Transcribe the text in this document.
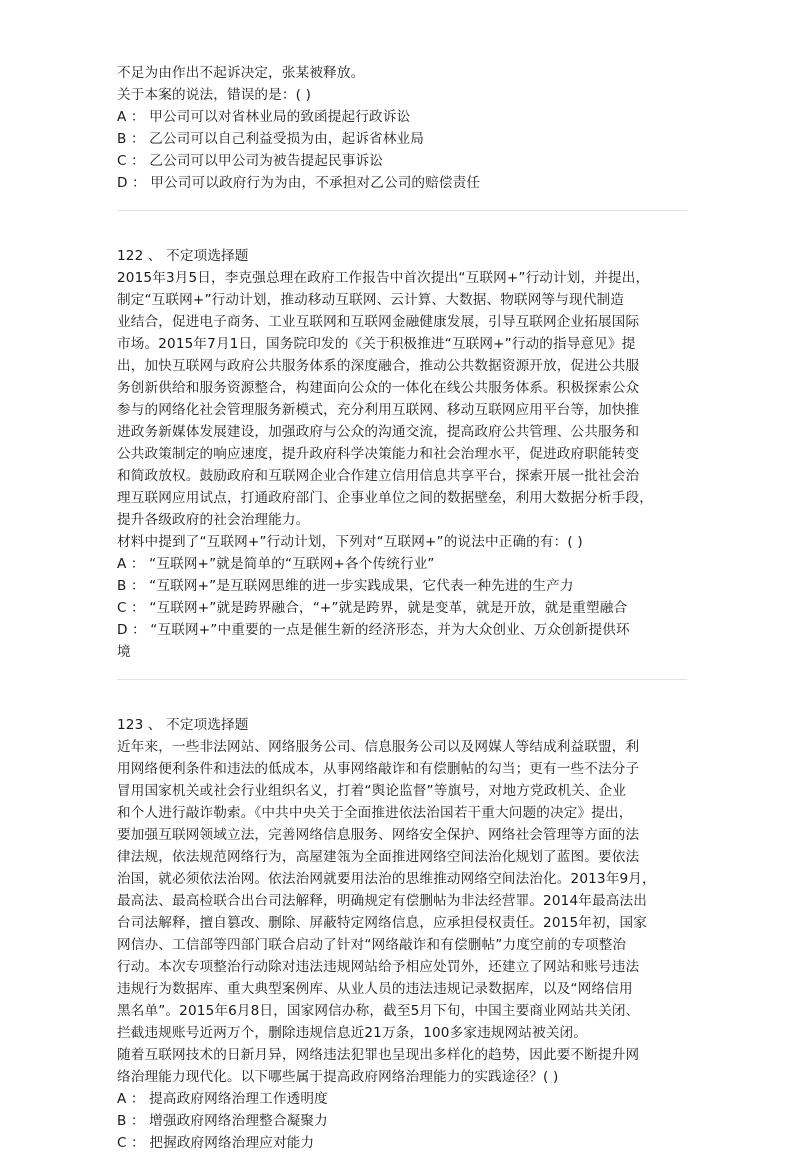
不足为由作出不起诉决定，张某被释放。
关于本案的说法，错误的是：( )
A ： 甲公司可以对省林业局的致函提起行政诉讼
B ： 乙公司可以自己利益受损为由，起诉省林业局
C ： 乙公司可以甲公司为被告提起民事诉讼
D ： 甲公司可以政府行为为由，不承担对乙公司的赔偿责任
122 、 不定项选择题
2015年3月5日，李克强总理在政府工作报告中首次提出“互联网+”行动计划，并提出，
制定“互联网+”行动计划，推动移动互联网、云计算、大数据、物联网等与现代制造
业结合，促进电子商务、工业互联网和互联网金融健康发展，引导互联网企业拓展国际
市场。2015年7月1日，国务院印发的《关于积极推进“互联网+”行动的指导意见》提
出，加快互联网与政府公共服务体系的深度融合，推动公共数据资源开放，促进公共服
务创新供给和服务资源整合，构建面向公众的一体化在线公共服务体系。积极探索公众
参与的网络化社会管理服务新模式，充分利用互联网、移动互联网应用平台等，加快推
进政务新媒体发展建设，加强政府与公众的沟通交流，提高政府公共管理、公共服务和
公共政策制定的响应速度，提升政府科学决策能力和社会治理水平，促进政府职能转变
和简政放权。鼓励政府和互联网企业合作建立信用信息共享平台，探索开展一批社会治
理互联网应用试点，打通政府部门、企事业单位之间的数据壁垒，利用大数据分析手段，
提升各级政府的社会治理能力。
材料中提到了“互联网+”行动计划，下列对“互联网+”的说法中正确的有：( )
A ： “互联网+”就是简单的“互联网+各个传统行业”
B ： “互联网+”是互联网思维的进一步实践成果，它代表一种先进的生产力
C ： “互联网+”就是跨界融合，“+”就是跨界，就是变革，就是开放，就是重塑融合
D ： “互联网+”中重要的一点是催生新的经济形态，并为大众创业、万众创新提供环
境
123 、 不定项选择题
近年来，一些非法网站、网络服务公司、信息服务公司以及网媒人等结成利益联盟，利
用网络便利条件和违法的低成本，从事网络敲诈和有偿删帖的勾当；更有一些不法分子
冒用国家机关或社会行业组织名义，打着“舆论监督”等旗号，对地方党政机关、企业
和个人进行敲诈勒索。《中共中央关于全面推进依法治国若干重大问题的决定》提出，
要加强互联网领域立法，完善网络信息服务、网络安全保护、网络社会管理等方面的法
律法规，依法规范网络行为，高屋建瓴为全面推进网络空间法治化规划了蓝图。要依法
治国，就必须依法治网。依法治网就要用法治的思维推动网络空间法治化。2013年9月，
最高法、最高检联合出台司法解释，明确规定有偿删帖为非法经营罪。2014年最高法出
台司法解释，擅自篡改、删除、屏蔽特定网络信息，应承担侵权责任。2015年初，国家
网信办、工信部等四部门联合启动了针对“网络敲诈和有偿删帖”力度空前的专项整治
行动。本次专项整治行动除对违法违规网站给予相应处罚外，还建立了网站和账号违法
违规行为数据库、重大典型案例库、从业人员的违法违规记录数据库，以及“网络信用
黑名单”。2015年6月8日，国家网信办称，截至5月下旬，中国主要商业网站共关闭、
拦截违规账号近两万个，删除违规信息近21万条，100多家违规网站被关闭。
随着互联网技术的日新月异，网络违法犯罪也呈现出多样化的趋势，因此要不断提升网
络治理能力现代化。以下哪些属于提高政府网络治理能力的实践途径？( )
A ： 提高政府网络治理工作透明度
B ： 增强政府网络治理整合凝聚力
C ： 把握政府网络治理应对能力
